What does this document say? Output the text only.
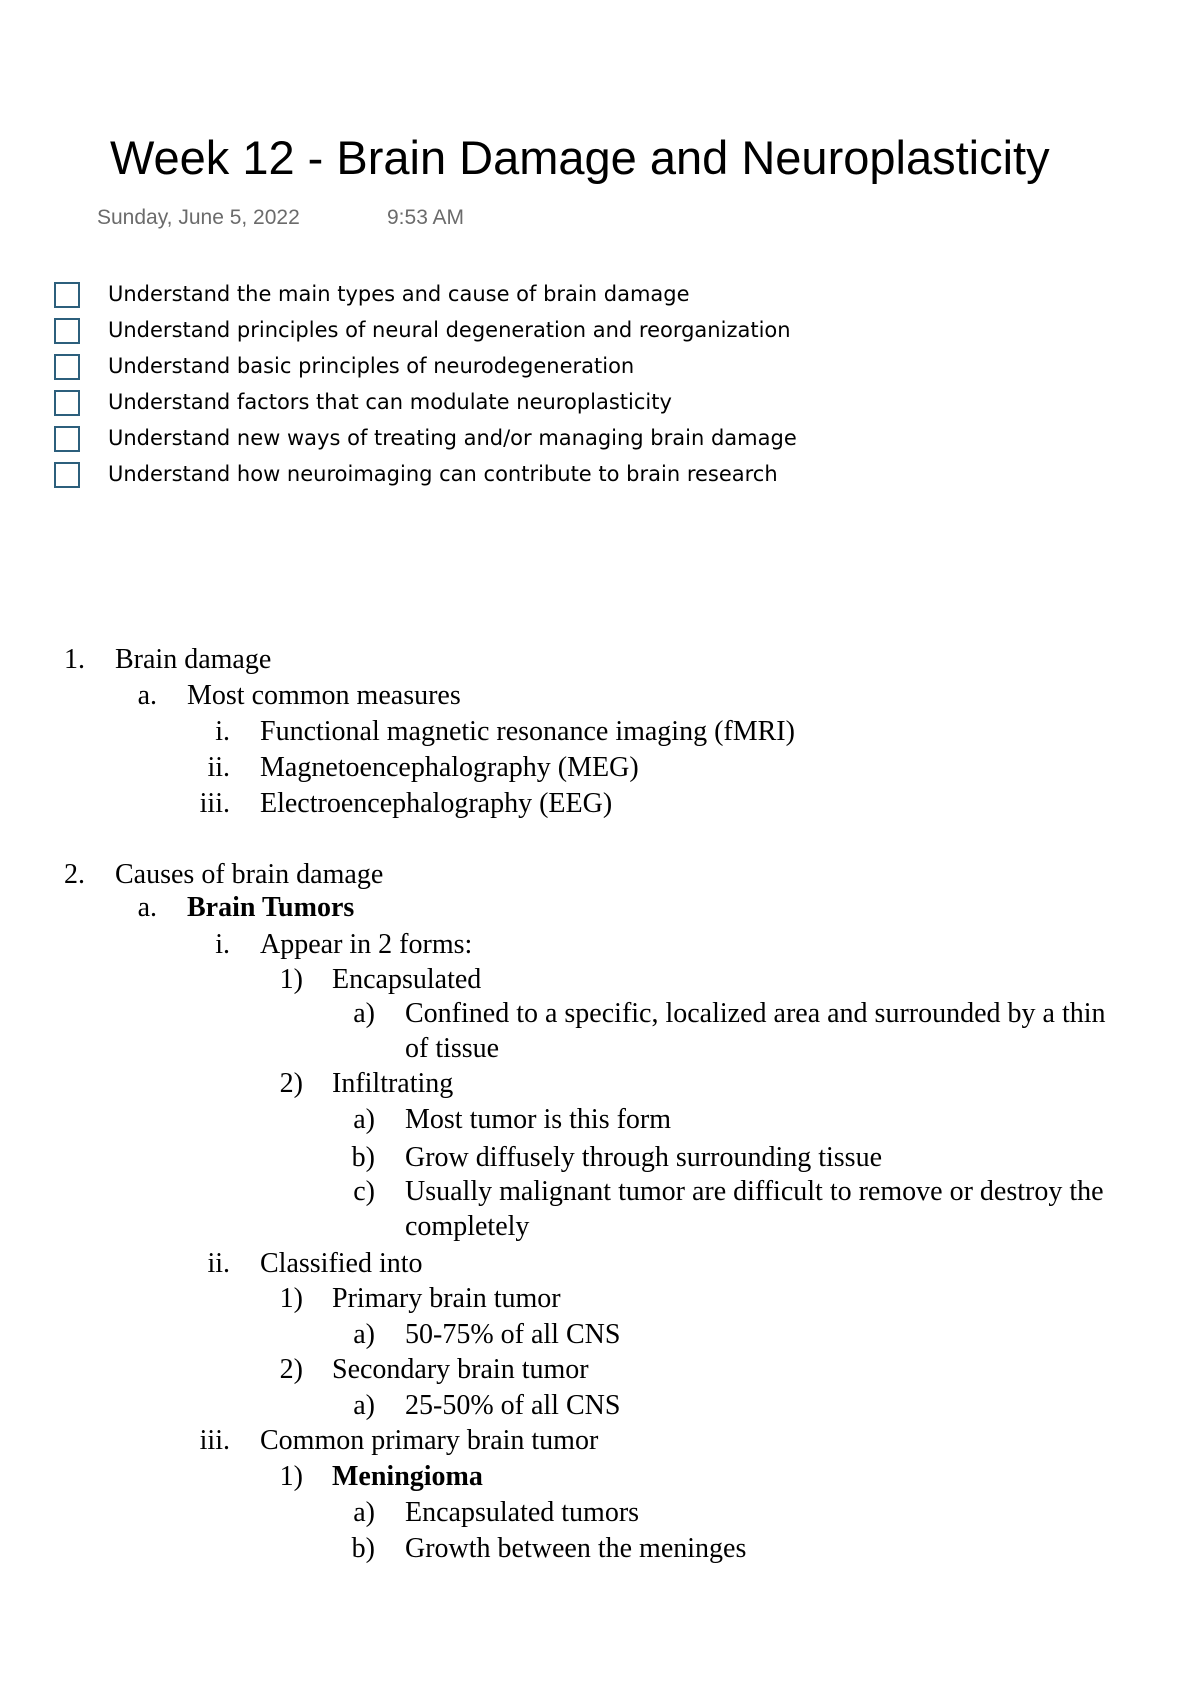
Week 12 - Brain Damage and Neuroplasticity
Sunday, June 5, 2022	9:53 AM
Understand the main types and cause of brain damage
Understand principles of neural degeneration and reorganization
Understand basic principles of neurodegeneration
Understand factors that can modulate neuroplasticity
Understand new ways of treating and/or managing brain damage
Understand how neuroimaging can contribute to brain research
1. Brain damage
a. Most common measures
i. Functional magnetic resonance imaging (fMRI)
ii. Magnetoencephalography (MEG)
iii. Electroencephalography (EEG)
2. Causes of brain damage
a. Brain Tumors
i. Appear in 2 forms:
1) Encapsulated
a) Confined to a specific, localized area and surrounded by a thin
of tissue
2) Infiltrating
a) Most tumor is this form
b) Grow diffusely through surrounding tissue
c) Usually malignant tumor are difficult to remove or destroy the
completely
ii. Classified into
1) Primary brain tumor
a) 50-75% of all CNS
2) Secondary brain tumor
a) 25-50% of all CNS
iii. Common primary brain tumor
1) Meningioma
a) Encapsulated tumors
b) Growth between the meninges
